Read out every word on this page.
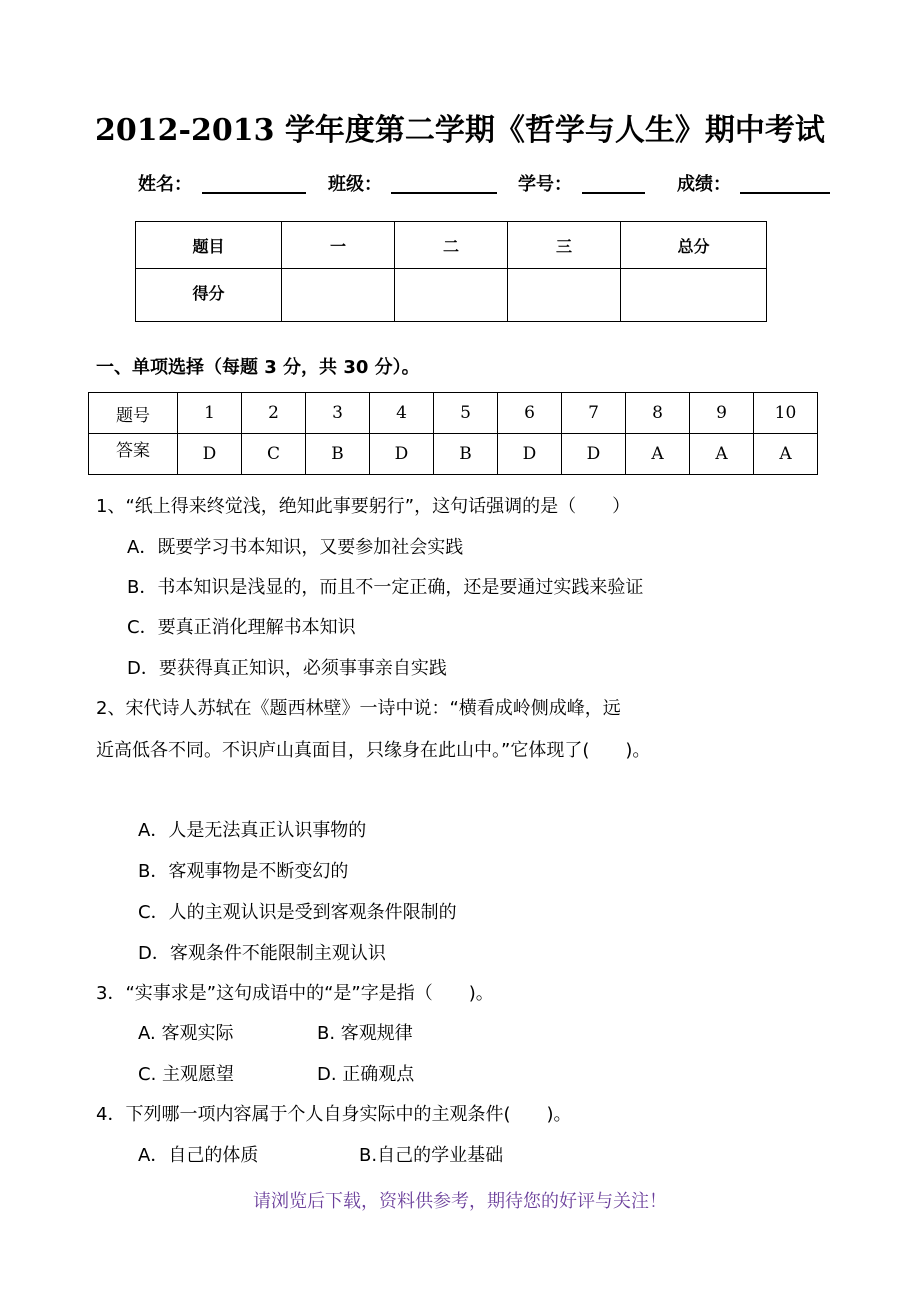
2012-2013 学年度第二学期《哲学与人生》期中考试
姓名：	班级：	学号：	成绩：
题目	一	二	三	总分
得分				
一、单项选择（每题 3 分，共 30 分）。
题号	1	2	3	4	5	6	7	8	9	10
答案	D	C	B	D	B	D	D	A	A	A
1、“纸上得来终觉浅，绝知此事要躬行”，这句话强调的是（　　）
A．既要学习书本知识，又要参加社会实践
B．书本知识是浅显的，而且不一定正确，还是要通过实践来验证
C．要真正消化理解书本知识
D．要获得真正知识，必须事事亲自实践
2、宋代诗人苏轼在《题西林壁》一诗中说：“横看成岭侧成峰，远
近高低各不同。不识庐山真面目，只缘身在此山中。”它体现了(　　)。
A．人是无法真正认识事物的
B．客观事物是不断变幻的
C．人的主观认识是受到客观条件限制的
D．客观条件不能限制主观认识
3．“实事求是”这句成语中的“是”字是指（　　)。
A. 客观实际	B. 客观规律
C. 主观愿望	D. 正确观点
4．下列哪一项内容属于个人自身实际中的主观条件(　　)。
A．自己的体质	B.自己的学业基础
请浏览后下载，资料供参考，期待您的好评与关注！
